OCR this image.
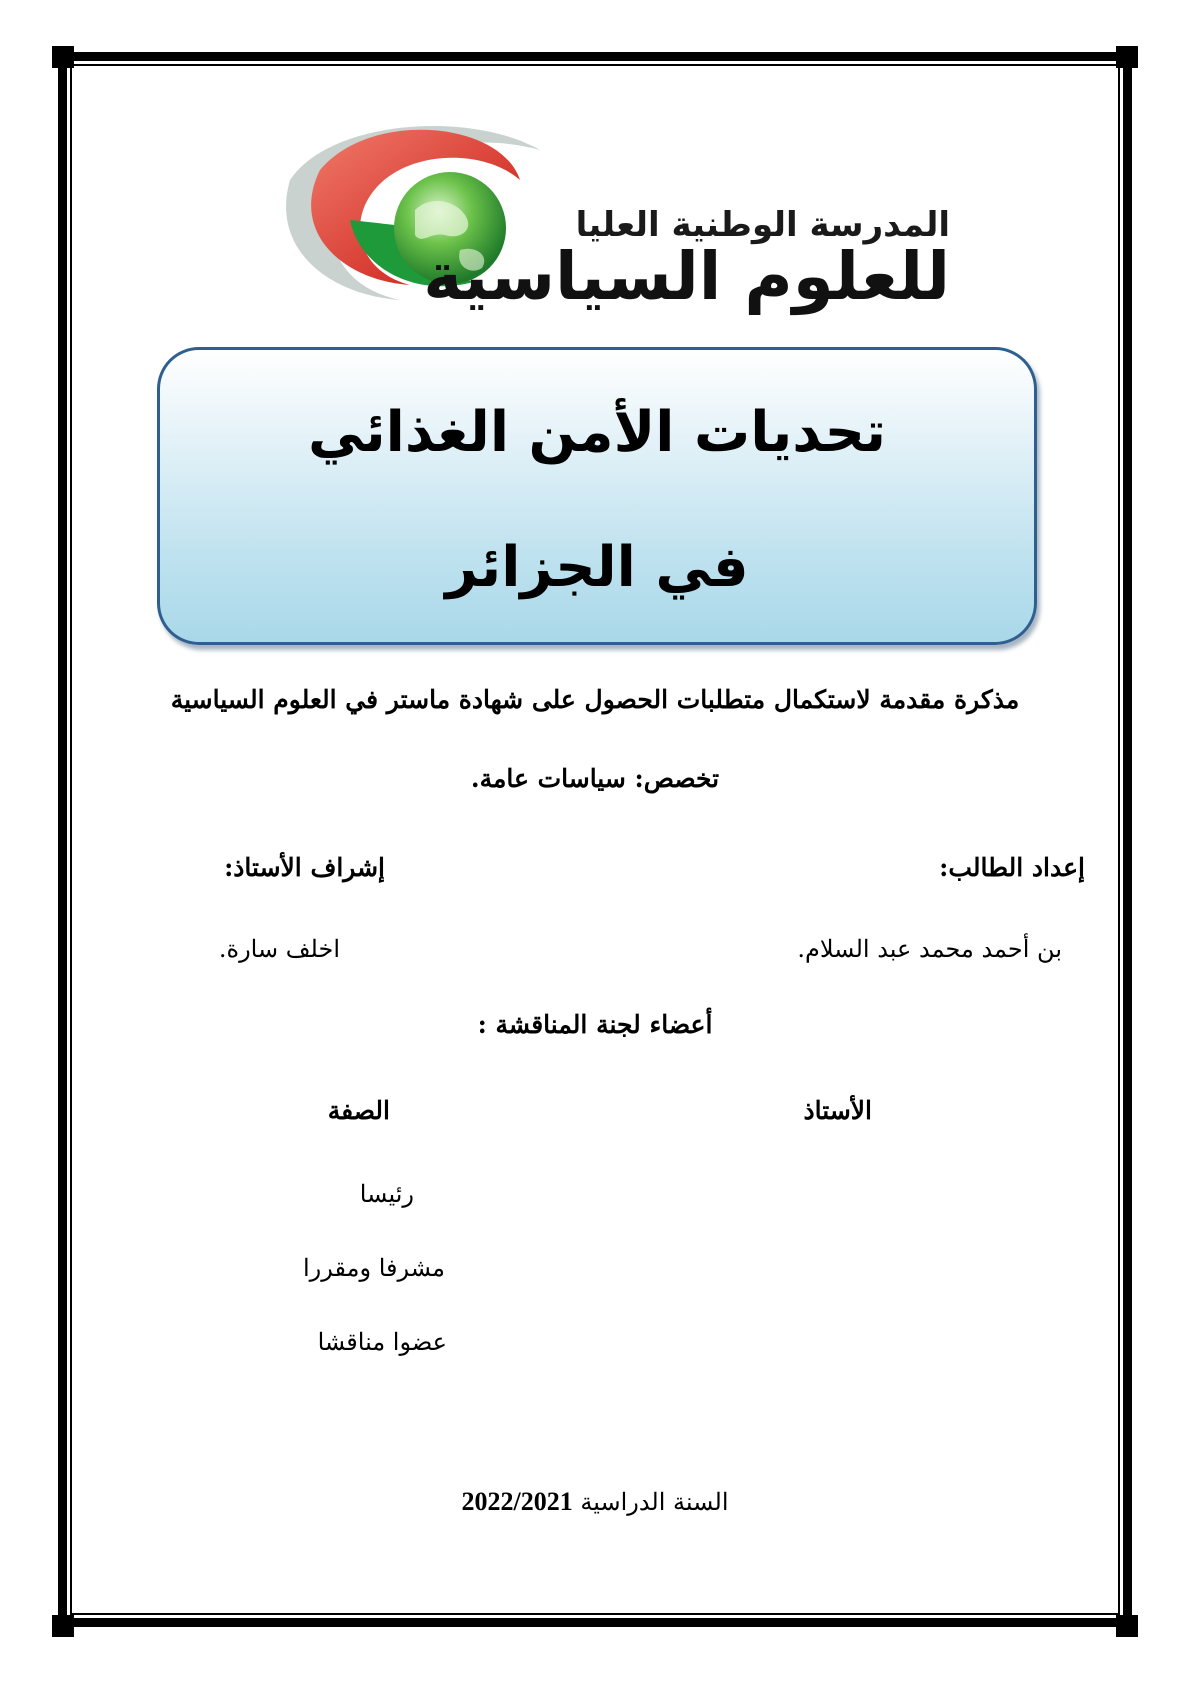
المدرسة الوطنية العليا
للعلوم السياسية
تحديات الأمن الغذائي
في الجزائر
مذكرة مقدمة لاستكمال متطلبات الحصول على شهادة ماستر في العلوم السياسية
تخصص: سياسات عامة.
إعداد الطالب:
إشراف الأستاذ:
بن أحمد محمد عبد السلام.
اخلف سارة.
أعضاء لجنة المناقشة :
الأستاذ
الصفة
رئيسا
مشرفا ومقررا
عضوا مناقشا
السنة الدراسية 2022/2021
